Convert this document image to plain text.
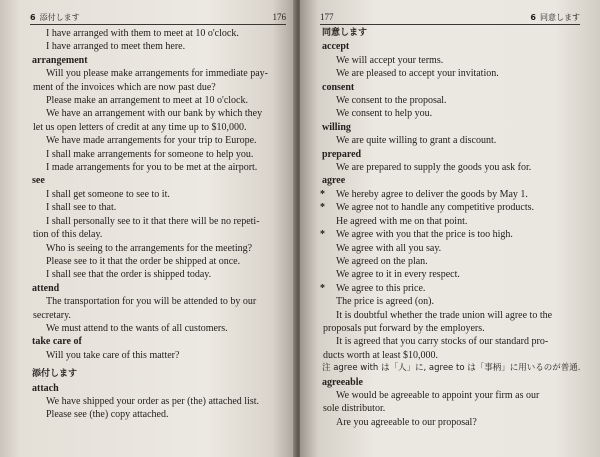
6 添付します	176
I have arranged with them to meet at 10 o'clock.
I have arranged to meet them here.
arrangement
Will you please make arrangements for immediate pay-
ment of the invoices which are now past due?
Please make an arrangement to meet at 10 o'clock.
We have an arrangement with our bank by which they
let us open letters of credit at any time up to $10,000.
We have made arrangements for your trip to Europe.
I shall make arrangements for someone to help you.
I made arrangements for you to be met at the airport.
see
I shall get someone to see to it.
I shall see to that.
I shall personally see to it that there will be no repeti-
tion of this delay.
Who is seeing to the arrangements for the meeting?
Please see to it that the order be shipped at once.
I shall see that the order is shipped today.
attend
The transportation for you will be attended to by our
secretary.
We must attend to the wants of all customers.
take care of
Will you take care of this matter?
添付します
attach
We have shipped your order as per (the) attached list.
Please see (the) copy attached.
177	6 同意します
同意します
accept
We will accept your terms.
We are pleased to accept your invitation.
consent
We consent to the proposal.
We consent to help you.
willing
We are quite willing to grant a discount.
prepared
We are prepared to supply the goods you ask for.
agree
* We hereby agree to deliver the goods by May 1.
* We agree not to handle any competitive products.
He agreed with me on that point.
* We agree with you that the price is too high.
We agree with all you say.
We agreed on the plan.
We agree to it in every respect.
* We agree to this price.
The price is agreed (on).
It is doubtful whether the trade union will agree to the
proposals put forward by the employers.
It is agreed that you carry stocks of our standard pro-
ducts worth at least $10,000.
注 agree with は「人」に, agree to は「事柄」に用いるのが普通.
agreeable
We would be agreeable to appoint your firm as our
sole distributor.
Are you agreeable to our proposal?
